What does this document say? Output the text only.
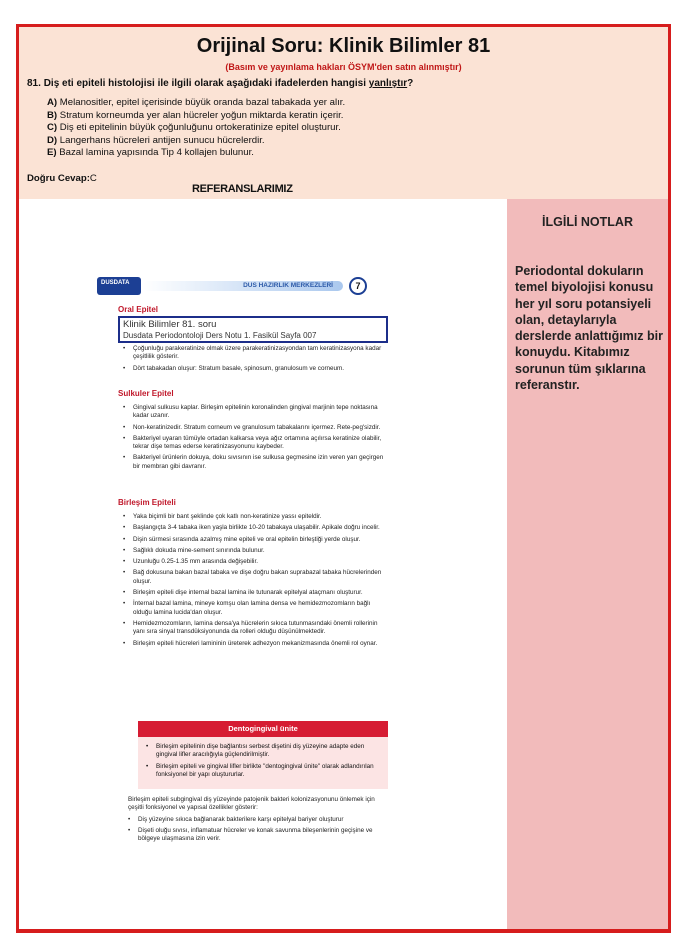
Orijinal Soru: Klinik Bilimler 81
(Basım ve yayınlama hakları ÖSYM'den satın alınmıştır)
81. Diş eti epiteli histolojisi ile ilgili olarak aşağıdaki ifadelerden hangisi yanlıştır?
A) Melanositler, epitel içerisinde büyük oranda bazal tabakada yer alır.
B) Stratum korneumda yer alan hücreler yoğun miktarda keratin içerir.
C) Diş eti epitelinin büyük çoğunluğunu ortokeratinize epitel oluşturur.
D) Langerhans hücreleri antijen sunucu hücrelerdir.
E) Bazal lamina yapısında Tip 4 kollajen bulunur.
Doğru Cevap:C
İLGİLİ NOTLAR
Periodontal dokuların temel biyolojisi konusu her yıl soru potansiyeli olan, detaylarıyla derslerde anlattığımız bir konuydu. Kitabımız sorunun tüm şıklarına referanstır.
REFERANSLARIMIZ
DUSDATA	DUS HAZIRLIK MERKEZLERİ	7
Oral Epitel
Klinik Bilimler 81. soru
Dusdata Periodontoloji Ders Notu 1. Fasikül Sayfa 007
• Çoğunluğu parakeratinize olmak üzere parakeratinizasyondan tam keratinizasyona kadar çeşitlilik gösterir.
• Dört tabakadan oluşur: Stratum basale, spinosum, granulosum ve corneum.
Sulkuler Epitel
• Gingival sulkusu kaplar. Birleşim epitelinin koronalinden gingival marjinin tepe noktasına kadar uzanır.
• Non-keratinizedir. Stratum corneum ve granulosum tabakalarını içermez. Rete-peg'sizdir.
• Bakteriyel uyaran tümüyle ortadan kalkarsa veya ağız ortamına açılırsa keratinize olabilir, tekrar dişe temas ederse keratinizasyonunu kaybeder.
• Bakteriyel ürünlerin dokuya, doku sıvısının ise sulkusa geçmesine izin veren yarı geçirgen bir membran gibi davranır.
Birleşim Epiteli
• Yaka biçimli bir bant şeklinde çok katlı non-keratinize yassı epiteldir.
• Başlangıçta 3-4 tabaka iken yaşla birlikte 10-20 tabakaya ulaşabilir. Apikale doğru incelir.
• Dişin sürmesi sırasında azalmış mine epiteli ve oral epitelin birleştiği yerde oluşur.
• Sağlıklı dokuda mine-sement sınırında bulunur.
• Uzunluğu 0.25-1.35 mm arasında değişebilir.
• Bağ dokusuna bakan bazal tabaka ve dişe doğru bakan suprabazal tabaka hücrelerinden oluşur.
• Birleşim epiteli dişe internal bazal lamina ile tutunarak epitelyal ataçmanı oluşturur.
• İnternal bazal lamina, mineye komşu olan lamina densa ve hemidezmozomların bağlı olduğu lamina lucida'dan oluşur.
• Hemidezmozomların, lamina densa'ya hücrelerin sıkıca tutunmasındaki önemli rollerinin yanı sıra sinyal transdüksiyonunda da rolleri olduğu düşünülmektedir.
• Birleşim epiteli hücreleri lamininin üreterek adhezyon mekanizmasında önemli rol oynar.
Dentogingival ünite
• Birleşim epitelinin dişe bağlantısı serbest dişetini diş yüzeyine adapte eden gingival lifler aracılığıyla güçlendirilmiştir.
• Birleşim epiteli ve gingival lifler birlikte "dentogingival ünite" olarak adlandırılan fonksiyonel bir yapı oluştururlar.
Birleşim epiteli subgingival diş yüzeyinde patojenik bakteri kolonizasyonunu önlemek için çeşitli fonksiyonel ve yapısal özellikler gösterir:
• Diş yüzeyine sıkıca bağlanarak bakterilere karşı epitelyal bariyer oluşturur
• Dişeti oluğu sıvısı, inflamatuar hücreler ve konak savunma bileşenlerinin geçişine ve bölgeye ulaşmasına izin verir.
